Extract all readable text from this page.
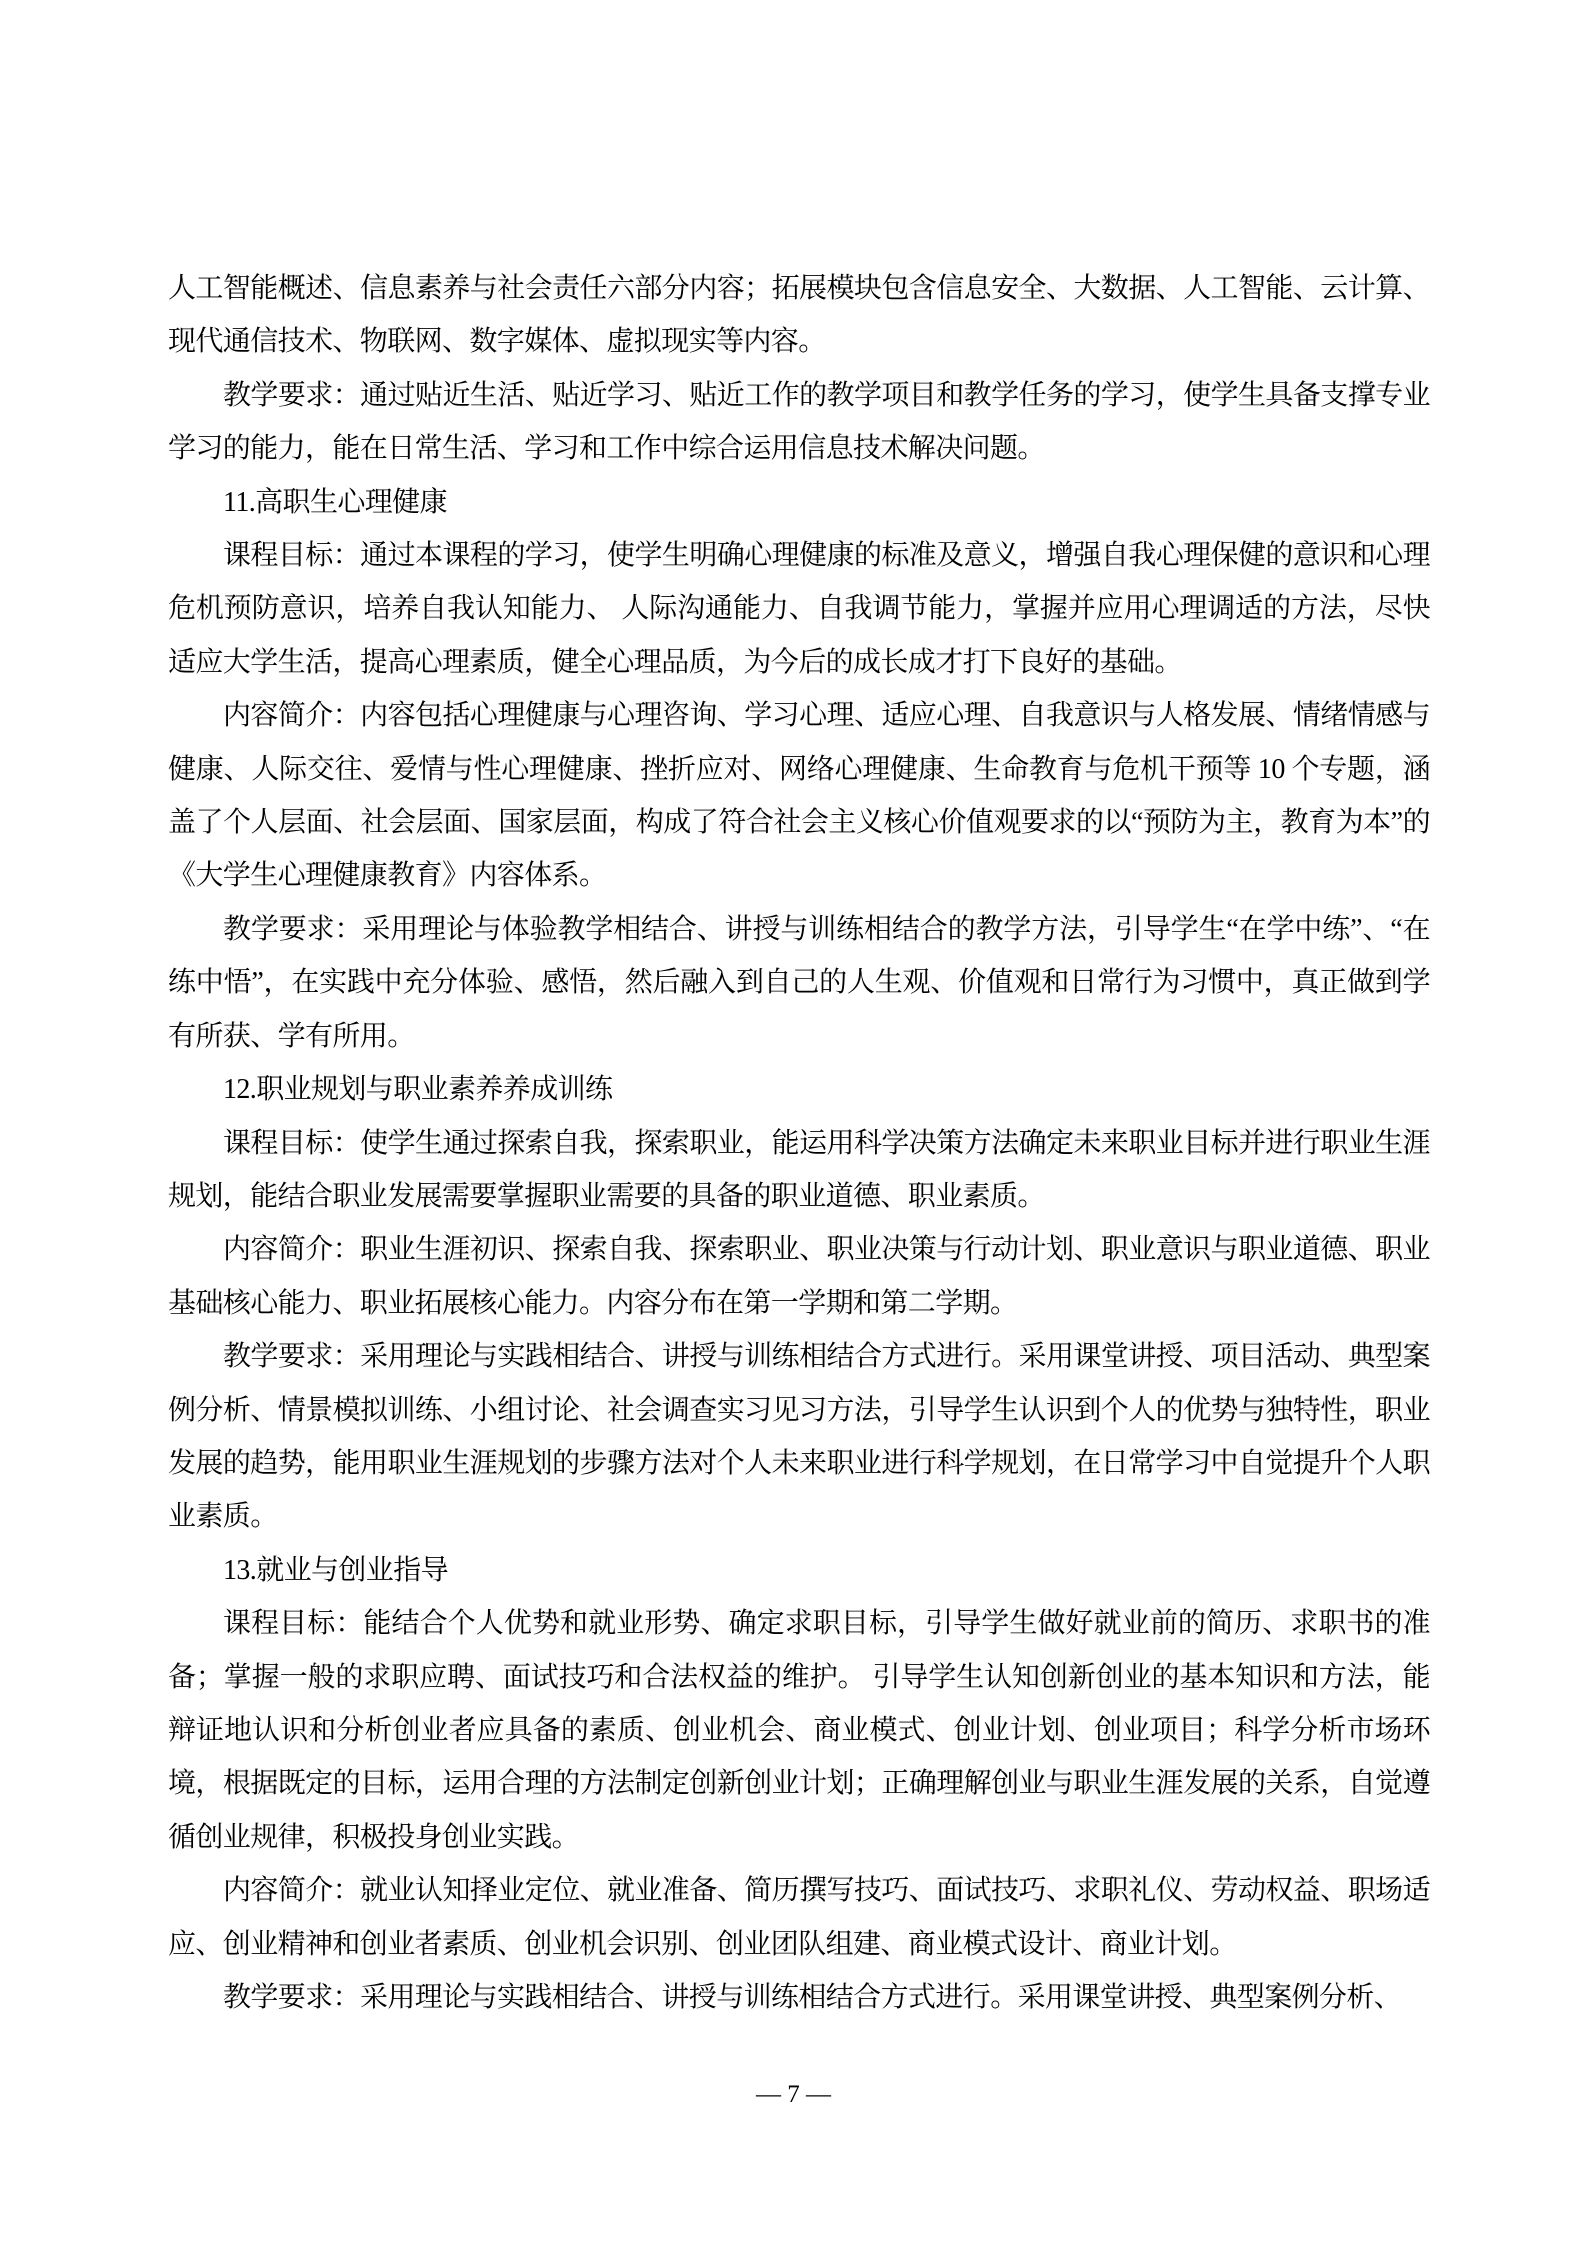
人工智能概述、信息素养与社会责任六部分内容；拓展模块包含信息安全、大数据、人工智能、云计算、现代通信技术、物联网、数字媒体、虚拟现实等内容。

教学要求：通过贴近生活、贴近学习、贴近工作的教学项目和教学任务的学习，使学生具备支撑专业学习的能力，能在日常生活、学习和工作中综合运用信息技术解决问题。

11.高职生心理健康

课程目标：通过本课程的学习，使学生明确心理健康的标准及意义，增强自我心理保健的意识和心理危机预防意识，培养自我认知能力、 人际沟通能力、自我调节能力，掌握并应用心理调适的方法，尽快适应大学生活，提高心理素质，健全心理品质，为今后的成长成才打下良好的基础。

内容简介：内容包括心理健康与心理咨询、学习心理、适应心理、自我意识与人格发展、情绪情感与健康、人际交往、爱情与性心理健康、挫折应对、网络心理健康、生命教育与危机干预等 10 个专题，涵盖了个人层面、社会层面、国家层面，构成了符合社会主义核心价值观要求的以“预防为主，教育为本”的《大学生心理健康教育》内容体系。

教学要求：采用理论与体验教学相结合、讲授与训练相结合的教学方法，引导学生“在学中练”、“在练中悟”，在实践中充分体验、感悟，然后融入到自己的人生观、价值观和日常行为习惯中，真正做到学有所获、学有所用。

12.职业规划与职业素养养成训练

课程目标：使学生通过探索自我，探索职业，能运用科学决策方法确定未来职业目标并进行职业生涯规划，能结合职业发展需要掌握职业需要的具备的职业道德、职业素质。

内容简介：职业生涯初识、探索自我、探索职业、职业决策与行动计划、职业意识与职业道德、职业基础核心能力、职业拓展核心能力。内容分布在第一学期和第二学期。

教学要求：采用理论与实践相结合、讲授与训练相结合方式进行。采用课堂讲授、项目活动、典型案例分析、情景模拟训练、小组讨论、社会调查实习见习方法，引导学生认识到个人的优势与独特性，职业发展的趋势，能用职业生涯规划的步骤方法对个人未来职业进行科学规划，在日常学习中自觉提升个人职业素质。

13.就业与创业指导

课程目标：能结合个人优势和就业形势、确定求职目标，引导学生做好就业前的简历、求职书的准备；掌握一般的求职应聘、面试技巧和合法权益的维护。 引导学生认知创新创业的基本知识和方法，能辩证地认识和分析创业者应具备的素质、创业机会、商业模式、创业计划、创业项目；科学分析市场环境，根据既定的目标，运用合理的方法制定创新创业计划；正确理解创业与职业生涯发展的关系，自觉遵循创业规律，积极投身创业实践。

内容简介：就业认知择业定位、就业准备、简历撰写技巧、面试技巧、求职礼仪、劳动权益、职场适应、创业精神和创业者素质、创业机会识别、创业团队组建、商业模式设计、商业计划。

教学要求：采用理论与实践相结合、讲授与训练相结合方式进行。采用课堂讲授、典型案例分析、

— 7 —
